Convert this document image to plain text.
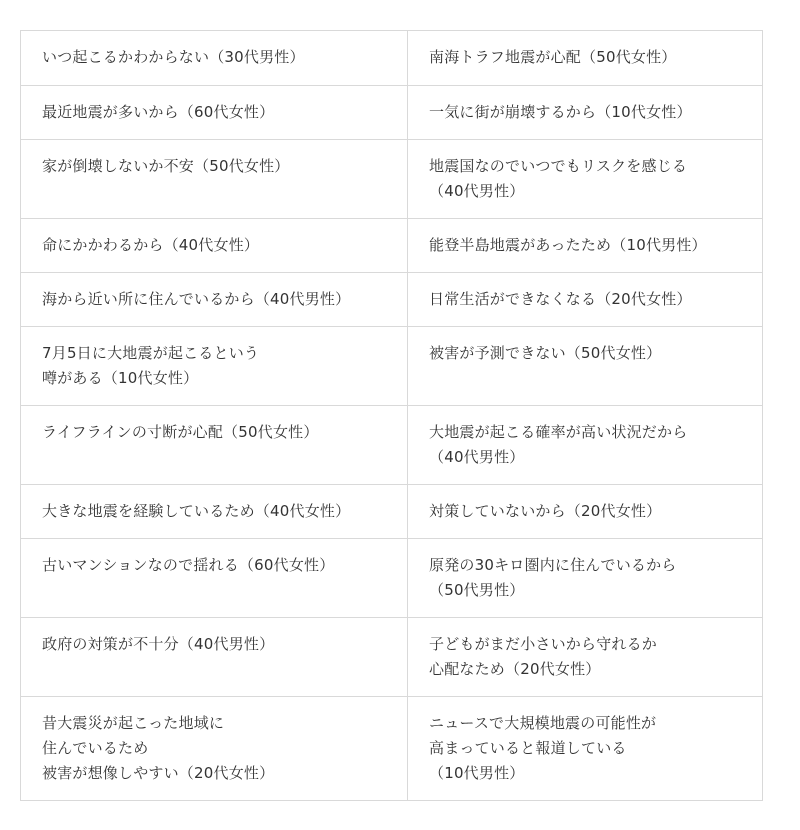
いつ起こるかわからない（30代男性）	南海トラフ地震が心配（50代女性）

最近地震が多いから（60代女性）	一気に街が崩壊するから（10代女性）

家が倒壊しないか不安（50代女性）	地震国なのでいつでもリスクを感じる
（40代男性）

命にかかわるから（40代女性）	能登半島地震があったため（10代男性）

海から近い所に住んでいるから（40代男性）	日常生活ができなくなる（20代女性）

7月5日に大地震が起こるという
噂がある（10代女性）	被害が予測できない（50代女性）

ライフラインの寸断が心配（50代女性）	大地震が起こる確率が高い状況だから
（40代男性）

大きな地震を経験しているため（40代女性）	対策していないから（20代女性）

古いマンションなので揺れる（60代女性）	原発の30キロ圏内に住んでいるから
（50代男性）

政府の対策が不十分（40代男性）	子どもがまだ小さいから守れるか
心配なため（20代女性）

昔大震災が起こった地域に
住んでいるため
被害が想像しやすい（20代女性）	ニュースで大規模地震の可能性が
高まっていると報道している
（10代男性）
